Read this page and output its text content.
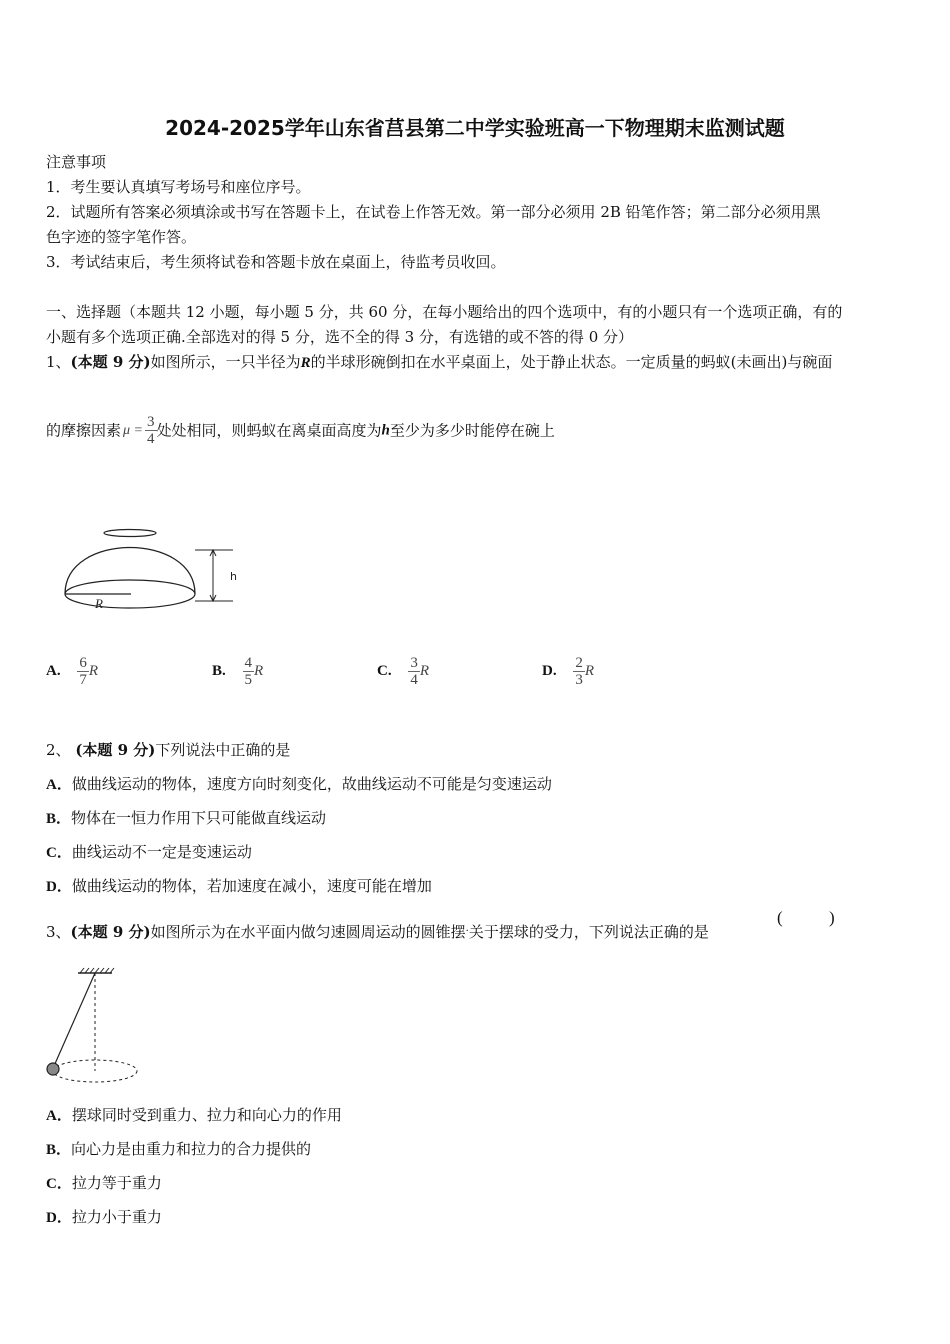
2024-2025学年山东省莒县第二中学实验班高一下物理期末监测试题
注意事项
1．考生要认真填写考场号和座位序号。
2．试题所有答案必须填涂或书写在答题卡上，在试卷上作答无效。第一部分必须用 2B 铅笔作答；第二部分必须用黑
色字迹的签字笔作答。
3．考试结束后，考生须将试卷和答题卡放在桌面上，待监考员收回。
一、选择题（本题共 12 小题，每小题 5 分，共 60 分，在每小题给出的四个选项中，有的小题只有一个选项正确，有的
小题有多个选项正确.全部选对的得 5 分，选不全的得 3 分，有选错的或不答的得 0 分）
1、(本题 9 分)如图所示，一只半径为R的半球形碗倒扣在水平桌面上，处于静止状态。一定质量的蚂蚁(未画出)与碗面
的摩擦因素 $\mu = \frac{3}{4}$ 处处相同，则蚂蚁在离桌面高度为h至少为多少时能停在碗上
R
h
A. $\frac{6}{7}$ R	B. $\frac{4}{5}$ R	C. $\frac{3}{4}$ R	D. $\frac{2}{3}$ R
2、 (本题 9 分)下列说法中正确的是
A．做曲线运动的物体，速度方向时刻变化，故曲线运动不可能是匀变速运动
B．物体在一恒力作用下只可能做直线运动
C．曲线运动不一定是变速运动
D．做曲线运动的物体，若加速度在减小，速度可能在增加
3、(本题 9 分)如图所示为在水平面内做匀速圆周运动的圆锥摆·关于摆球的受力，下列说法正确的是
(	)
A．摆球同时受到重力、拉力和向心力的作用
B．向心力是由重力和拉力的合力提供的
C．拉力等于重力
D．拉力小于重力
